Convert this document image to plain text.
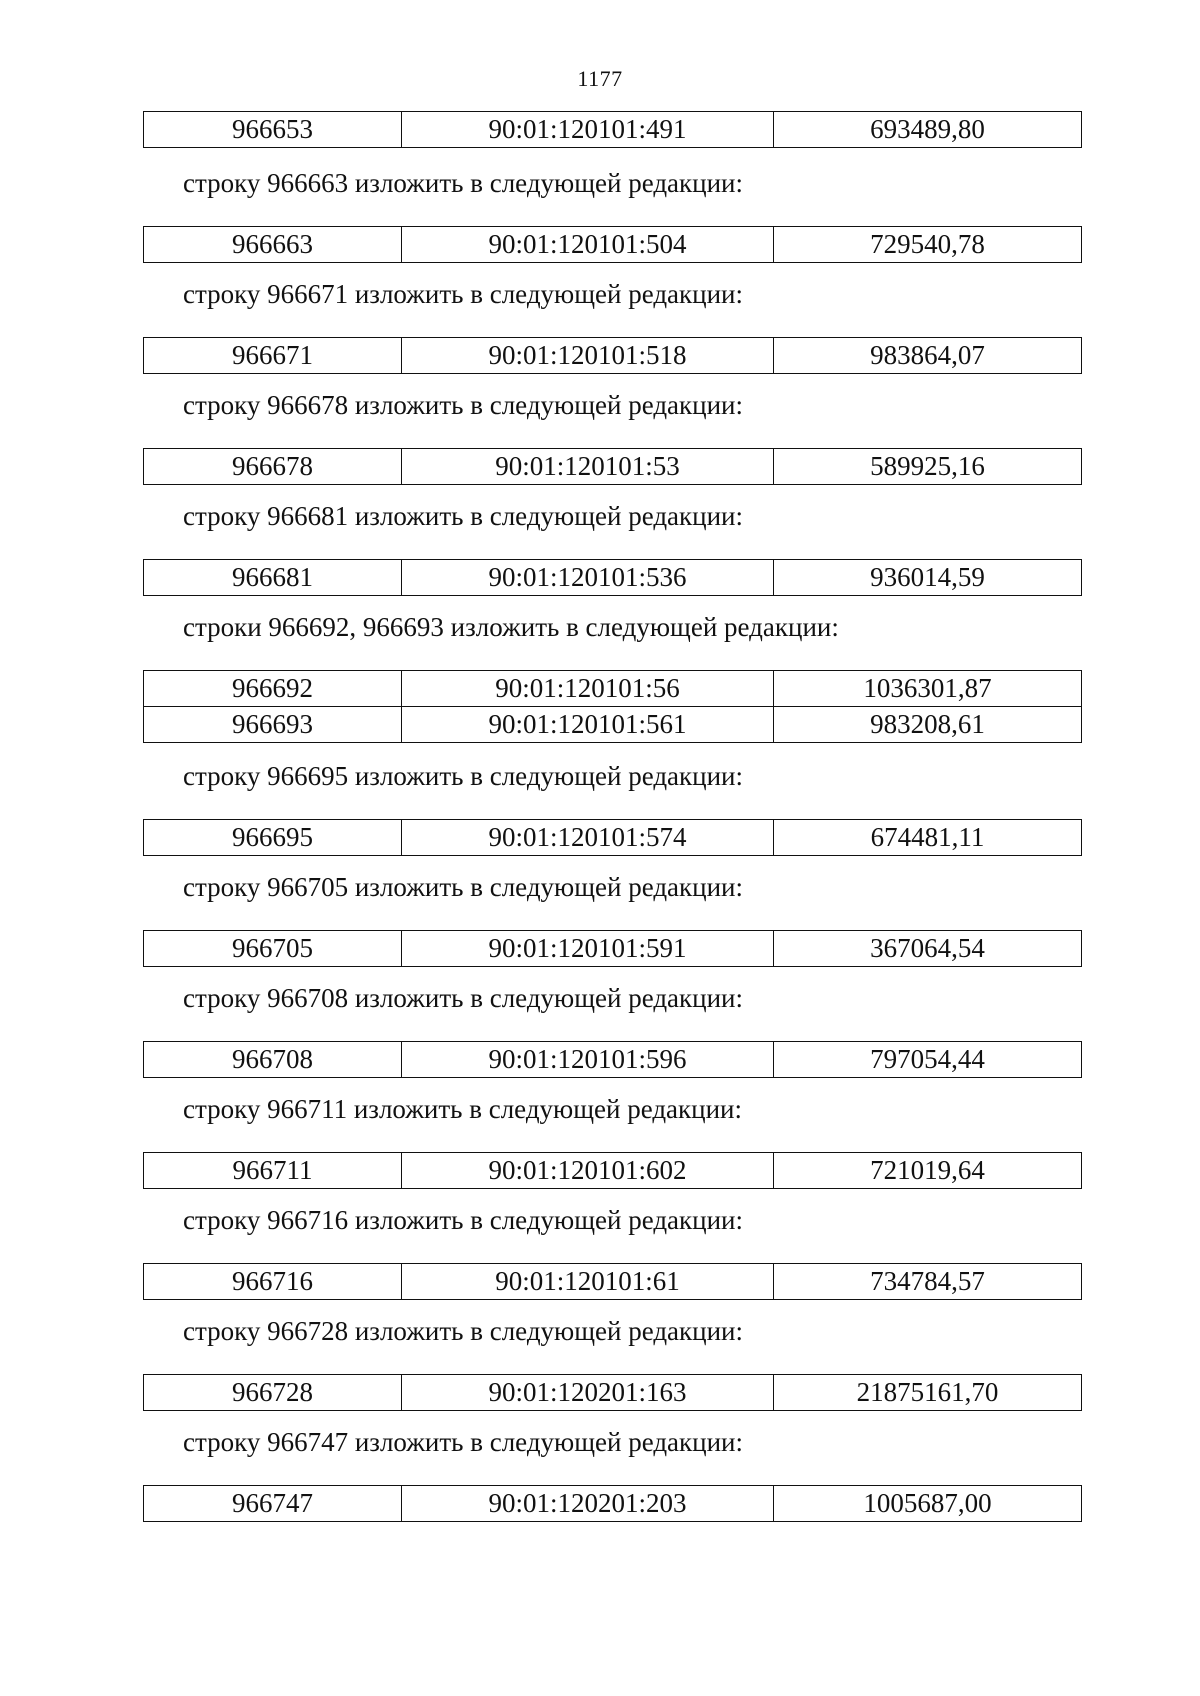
1177
966653	90:01:120101:491	693489,80
строку 966663 изложить в следующей редакции:
966663	90:01:120101:504	729540,78
строку 966671 изложить в следующей редакции:
966671	90:01:120101:518	983864,07
строку 966678 изложить в следующей редакции:
966678	90:01:120101:53	589925,16
строку 966681 изложить в следующей редакции:
966681	90:01:120101:536	936014,59
строки 966692, 966693 изложить в следующей редакции:
966692	90:01:120101:56	1036301,87
966693	90:01:120101:561	983208,61
строку 966695 изложить в следующей редакции:
966695	90:01:120101:574	674481,11
строку 966705 изложить в следующей редакции:
966705	90:01:120101:591	367064,54
строку 966708 изложить в следующей редакции:
966708	90:01:120101:596	797054,44
строку 966711 изложить в следующей редакции:
966711	90:01:120101:602	721019,64
строку 966716 изложить в следующей редакции:
966716	90:01:120101:61	734784,57
строку 966728 изложить в следующей редакции:
966728	90:01:120201:163	21875161,70
строку 966747 изложить в следующей редакции:
966747	90:01:120201:203	1005687,00
